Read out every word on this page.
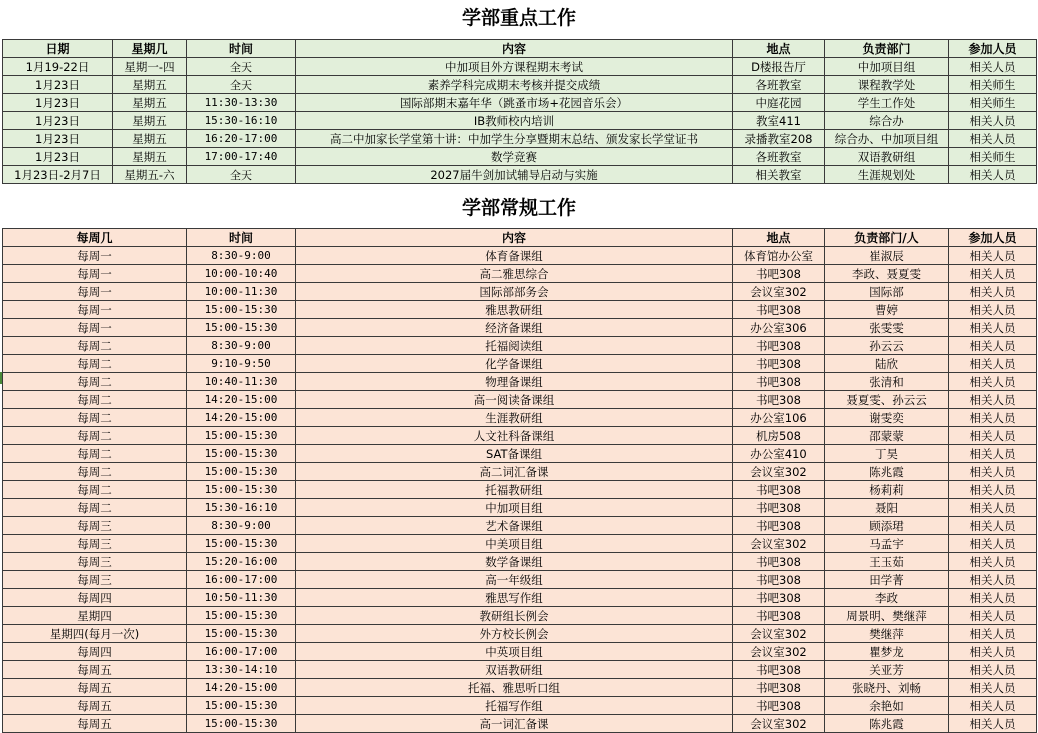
学部重点工作
日期	星期几	时间	内容	地点	负责部门	参加人员
1月19-22日	星期一-四	全天	中加项目外方课程期末考试	D楼报告厅	中加项目组	相关人员
1月23日	星期五	全天	素养学科完成期末考核并提交成绩	各班教室	课程教学处	相关师生
1月23日	星期五	11:30-13:30	国际部期末嘉年华（跳蚤市场+花园音乐会）	中庭花园	学生工作处	相关师生
1月23日	星期五	15:30-16:10	IB教师校内培训	教室411	综合办	相关人员
1月23日	星期五	16:20-17:00	高二中加家长学堂第十讲：中加学生分享暨期末总结、颁发家长学堂证书	录播教室208	综合办、中加项目组	相关人员
1月23日	星期五	17:00-17:40	数学竞赛	各班教室	双语教研组	相关师生
1月23日-2月7日	星期五-六	全天	2027届牛剑加试辅导启动与实施	相关教室	生涯规划处	相关人员
学部常规工作
每周几	时间	内容	地点	负责部门/人	参加人员
每周一	8:30-9:00	体育备课组	体育馆办公室	崔淑辰	相关人员
每周一	10:00-10:40	高二雅思综合	书吧308	李政、聂夏雯	相关人员
每周一	10:00-11:30	国际部部务会	会议室302	国际部	相关人员
每周一	15:00-15:30	雅思教研组	书吧308	曹婷	相关人员
每周一	15:00-15:30	经济备课组	办公室306	张雯雯	相关人员
每周二	8:30-9:00	托福阅读组	书吧308	孙云云	相关人员
每周二	9:10-9:50	化学备课组	书吧308	陆欣	相关人员
每周二	10:40-11:30	物理备课组	书吧308	张清和	相关人员
每周二	14:20-15:00	高一阅读备课组	书吧308	聂夏雯、孙云云	相关人员
每周二	14:20-15:00	生涯教研组	办公室106	谢雯奕	相关人员
每周二	15:00-15:30	人文社科备课组	机房508	邵蒙蒙	相关人员
每周二	15:00-15:30	SAT备课组	办公室410	丁昊	相关人员
每周二	15:00-15:30	高二词汇备课	会议室302	陈兆霞	相关人员
每周二	15:00-15:30	托福教研组	书吧308	杨莉莉	相关人员
每周二	15:30-16:10	中加项目组	书吧308	聂阳	相关人员
每周三	8:30-9:00	艺术备课组	书吧308	顾添珺	相关人员
每周三	15:00-15:30	中美项目组	会议室302	马孟宇	相关人员
每周三	15:20-16:00	数学备课组	书吧308	王玉茹	相关人员
每周三	16:00-17:00	高一年级组	书吧308	田学菁	相关人员
每周四	10:50-11:30	雅思写作组	书吧308	李政	相关人员
星期四	15:00-15:30	教研组长例会	书吧308	周景明、樊继萍	相关人员
星期四(每月一次)	15:00-15:30	外方校长例会	会议室302	樊继萍	相关人员
每周四	16:00-17:00	中英项目组	会议室302	瞿梦龙	相关人员
每周五	13:30-14:10	双语教研组	书吧308	关亚芳	相关人员
每周五	14:20-15:00	托福、雅思听口组	书吧308	张晓丹、刘畅	相关人员
每周五	15:00-15:30	托福写作组	书吧308	余艳如	相关人员
每周五	15:00-15:30	高一词汇备课	会议室302	陈兆霞	相关人员
